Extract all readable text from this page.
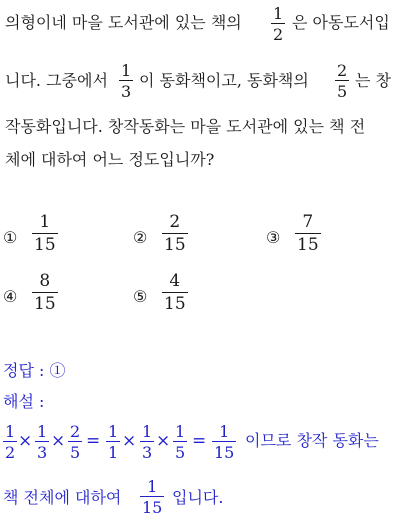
의형이네 마을 도서관에 있는 책의 1
2
은 아동도서입
니다. 그중에서
1
3
이 동화책이고, 동화책의
2
5
는 창
작동화입니다. 창작동화는 마을 도서관에 있는 책 전
체에 대하여 어느 정도입니까?
①
1
15	②
2
15	③
7
15
④
8
15	⑤
4
15
정답 : ①
해설 :
1
2
× 1
3
× 2
5
= 1
1
× 1
3
× 1
5
= 1
15
이므로 창작 동화는
책 전체에 대하여
1
15
입니다.
